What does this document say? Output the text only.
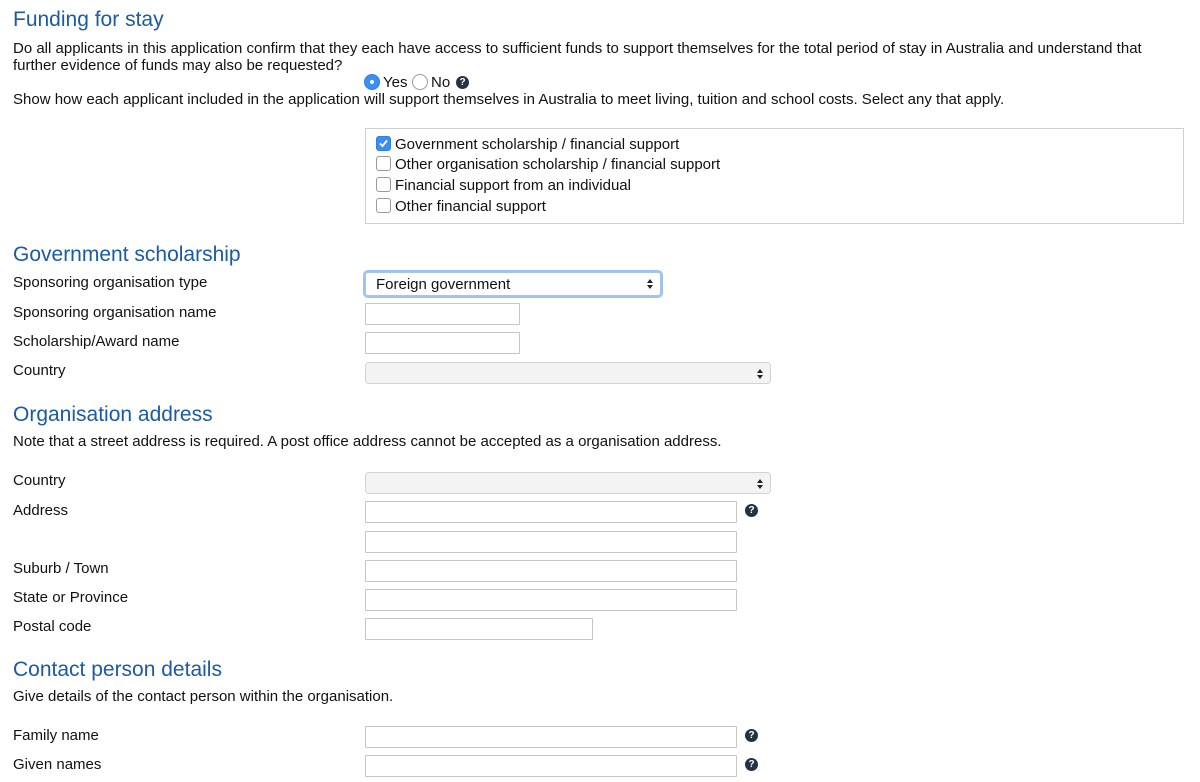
Funding for stay
Do all applicants in this application confirm that they each have access to sufficient funds to support themselves for the total period of stay in Australia and understand that further evidence of funds may also be requested?
Yes No ?
Show how each applicant included in the application will support themselves in Australia to meet living, tuition and school costs. Select any that apply.
Government scholarship / financial support
Other organisation scholarship / financial support
Financial support from an individual
Other financial support
Government scholarship
Sponsoring organisation type	Foreign government
Sponsoring organisation name
Scholarship/Award name
Country
Organisation address
Note that a street address is required. A post office address cannot be accepted as a organisation address.
Country
Address	?
Suburb / Town
State or Province
Postal code
Contact person details
Give details of the contact person within the organisation.
Family name	?
Given names	?
